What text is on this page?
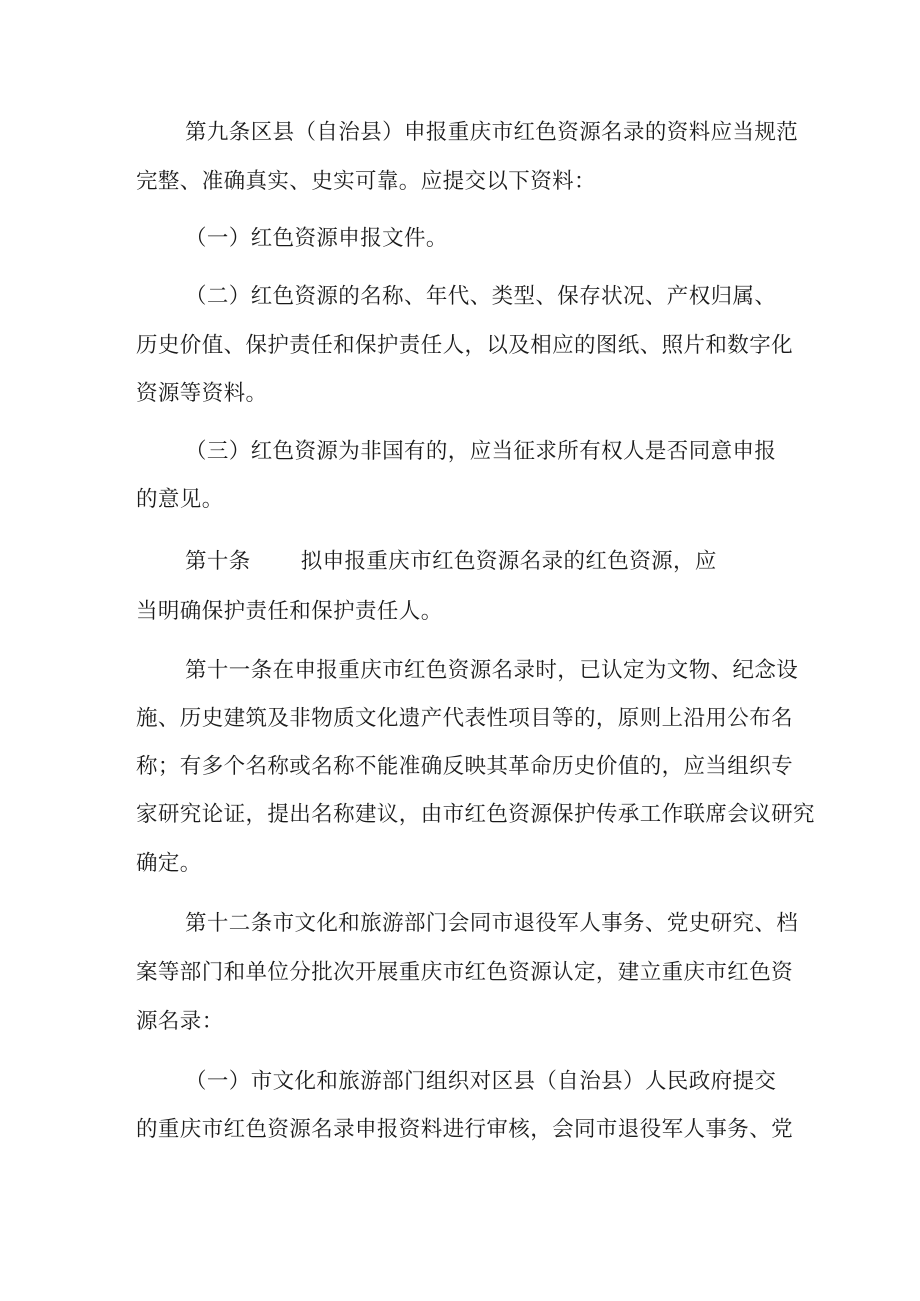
第九条区县（自治县）申报重庆市红色资源名录的资料应当规范
完整、准确真实、史实可靠。应提交以下资料：
（一）红色资源申报文件。
（二）红色资源的名称、年代、类型、保存状况、产权归属、
历史价值、保护责任和保护责任人，以及相应的图纸、照片和数字化
资源等资料。
（三）红色资源为非国有的，应当征求所有权人是否同意申报
的意见。
第十条 拟申报重庆市红色资源名录的红色资源，应
当明确保护责任和保护责任人。
第十一条在申报重庆市红色资源名录时，已认定为文物、纪念设
施、历史建筑及非物质文化遗产代表性项目等的，原则上沿用公布名
称；有多个名称或名称不能准确反映其革命历史价值的，应当组织专
家研究论证，提出名称建议，由市红色资源保护传承工作联席会议研究
确定。
第十二条市文化和旅游部门会同市退役军人事务、党史研究、档
案等部门和单位分批次开展重庆市红色资源认定，建立重庆市红色资
源名录：
（一）市文化和旅游部门组织对区县（自治县）人民政府提交
的重庆市红色资源名录申报资料进行审核，会同市退役军人事务、党
